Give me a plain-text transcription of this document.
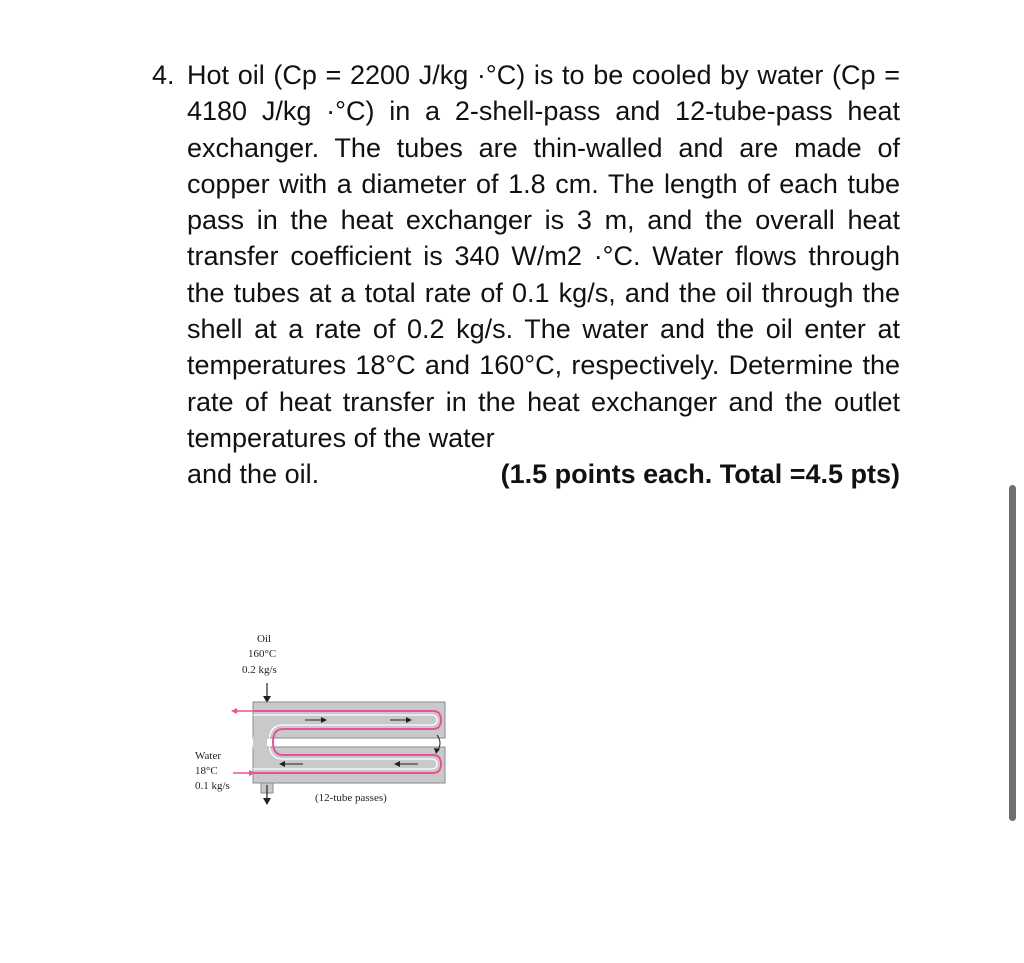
4. Hot oil (Cp = 2200 J/kg ·°C) is to be cooled by water (Cp = 4180 J/kg ·°C) in a 2-shell-pass and 12-tube-pass heat exchanger. The tubes are thin-walled and are made of copper with a diameter of 1.8 cm. The length of each tube pass in the heat exchanger is 3 m, and the overall heat transfer coefficient is 340 W/m2 ·°C. Water flows through the tubes at a total rate of 0.1 kg/s, and the oil through the shell at a rate of 0.2 kg/s. The water and the oil enter at temperatures 18°C and 160°C, respectively. Determine the rate of heat transfer in the heat exchanger and the outlet temperatures of the water
and the oil.	(1.5 points each. Total =4.5 pts)
Oil
160°C
0.2 kg/s
Water
18°C
0.1 kg/s
(12-tube passes)
